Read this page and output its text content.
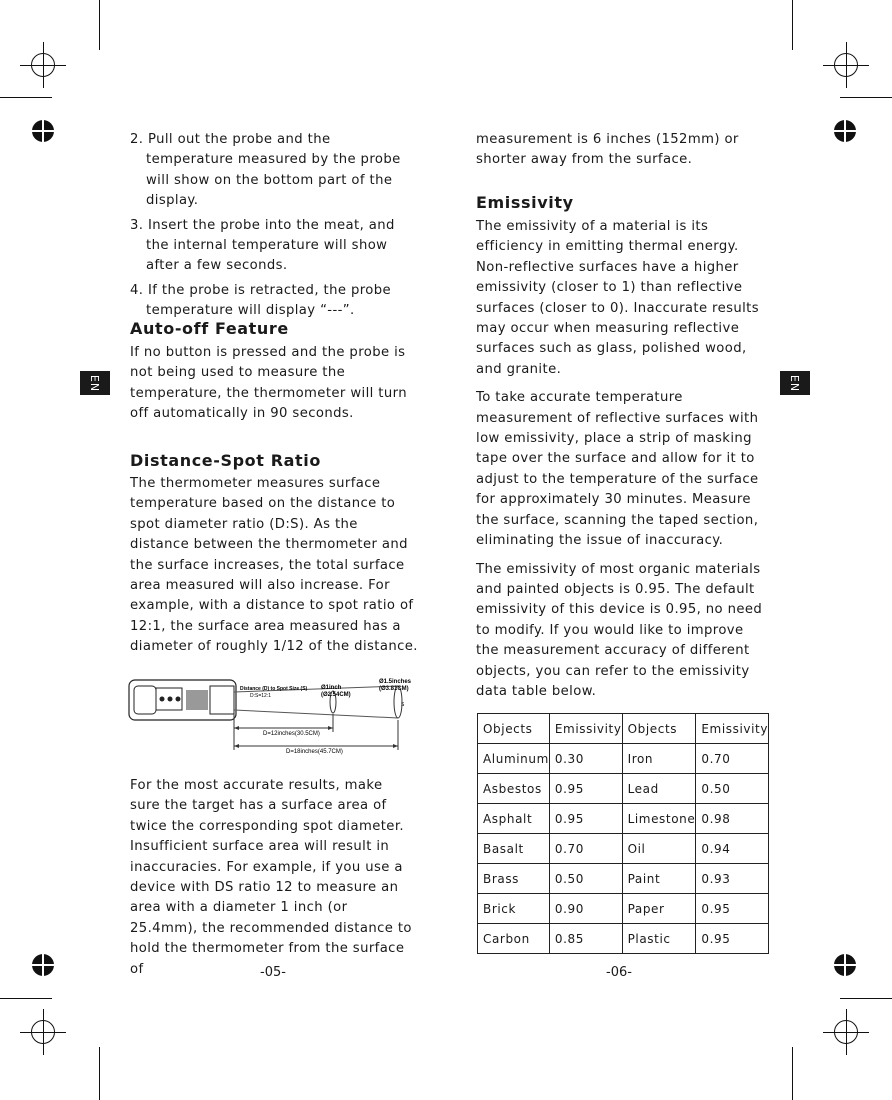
EN	EN
2. Pull out the probe and the temperature measured by the probe will show on the bottom part of the display.
3. Insert the probe into the meat, and the internal temperature will show after a few seconds.
4. If the probe is retracted, the probe temperature will display “---”.
Auto-off Feature

If no button is pressed and the probe is not being used to measure the temperature, the thermometer will turn off automatically in 90 seconds.

Distance-Spot Ratio

The thermometer measures surface temperature based on the distance to spot diameter ratio (D:S). As the distance between the thermometer and the surface increases, the total surface area measured will also increase. For example, with a distance to spot ratio of 12:1, the surface area measured has a diameter of roughly 1/12 of the distance.

Distance (D) to Spot Size (S)
D:S=12:1
Ø1inch
(Ø2.54CM)
Ø1.5inches
(Ø3.81CM)
S
D=12inches(30.5CM)
D=18inches(45.7CM)

For the most accurate results, make sure the target has a surface area of twice the corresponding spot diameter. Insufficient surface area will result in inaccuracies. For example, if you use a device with DS ratio 12 to measure an area with a diameter 1 inch (or 25.4mm), the recommended distance to hold the thermometer from the surface of	-05-

measurement is 6 inches (152mm) or shorter away from the surface.

Emissivity

The emissivity of a material is its efficiency in emitting thermal energy. Non-reflective surfaces have a higher emissivity (closer to 1) than reflective surfaces (closer to 0). Inaccurate results may occur when measuring reflective surfaces such as glass, polished wood, and granite.

To take accurate temperature measurement of reflective surfaces with low emissivity, place a strip of masking tape over the surface and allow for it to adjust to the temperature of the surface for approximately 30 minutes. Measure the surface, scanning the taped section, eliminating the issue of inaccuracy.

The emissivity of most organic materials and painted objects is 0.95. The default emissivity of this device is 0.95, no need to modify. If you would like to improve the measurement accuracy of different objects, you can refer to the emissivity data table below.

Objects	Emissivity	Objects	Emissivity
Aluminum	0.30	Iron	0.70
Asbestos	0.95	Lead	0.50
Asphalt	0.95	Limestone	0.98
Basalt	0.70	Oil	0.94
Brass	0.50	Paint	0.93
Brick	0.90	Paper	0.95
Carbon	0.85	Plastic	0.95
-06-
